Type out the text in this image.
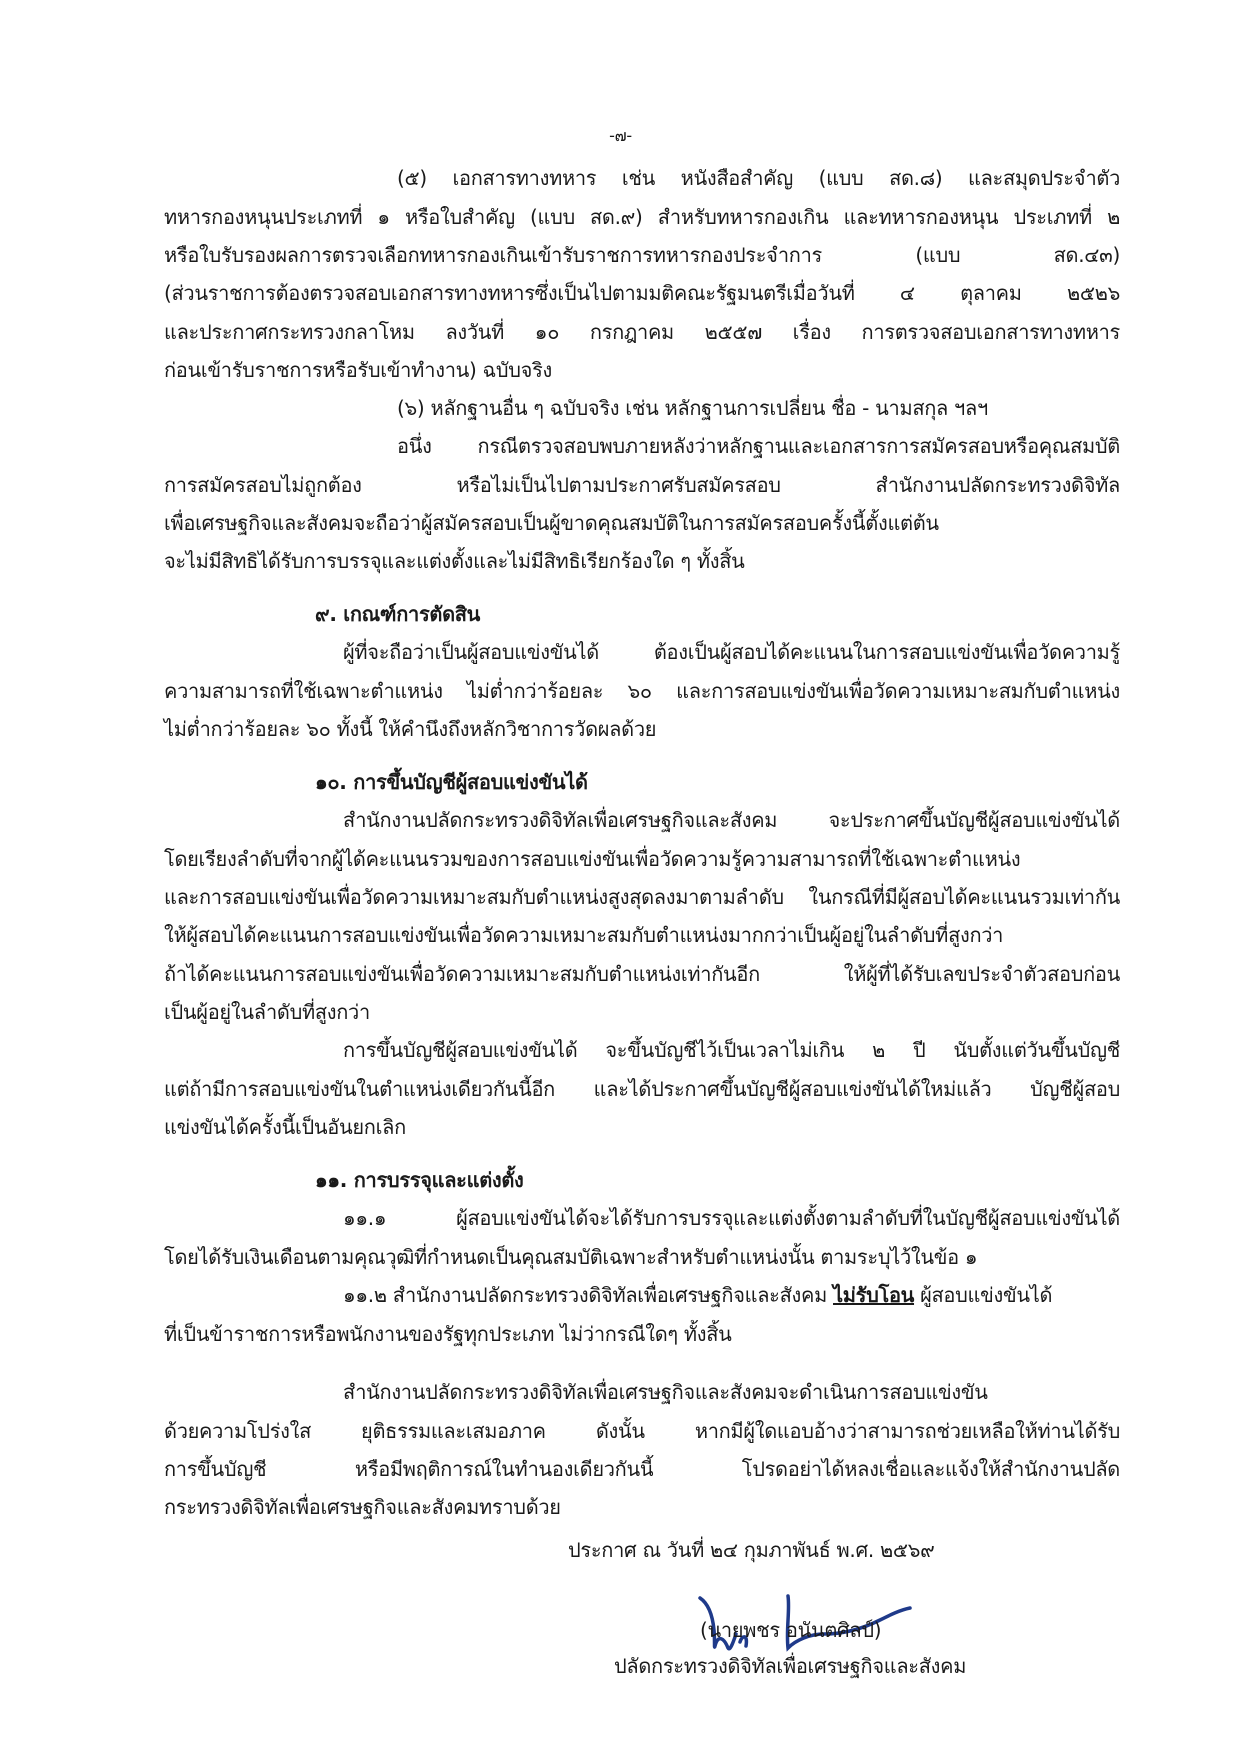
-๗-
(๕) เอกสารทางทหาร เช่น หนังสือสำคัญ (แบบ สด.๘) และสมุดประจำตัว
ทหารกองหนุนประเภทที่ ๑ หรือใบสำคัญ (แบบ สด.๙) สำหรับทหารกองเกิน และทหารกองหนุน ประเภทที่ ๒
หรือใบรับรองผลการตรวจเลือกทหารกองเกินเข้ารับราชการทหารกองประจำการ (แบบ สด.๔๓)
(ส่วนราชการต้องตรวจสอบเอกสารทางทหารซึ่งเป็นไปตามมติคณะรัฐมนตรีเมื่อวันที่ ๔ ตุลาคม ๒๕๒๖
และประกาศกระทรวงกลาโหม ลงวันที่ ๑๐ กรกฎาคม ๒๕๕๗ เรื่อง การตรวจสอบเอกสารทางทหาร
ก่อนเข้ารับราชการหรือรับเข้าทำงาน) ฉบับจริง
(๖) หลักฐานอื่น ๆ ฉบับจริง เช่น หลักฐานการเปลี่ยน ชื่อ - นามสกุล ฯลฯ
อนึ่ง กรณีตรวจสอบพบภายหลังว่าหลักฐานและเอกสารการสมัครสอบหรือคุณสมบัติ
การสมัครสอบไม่ถูกต้อง หรือไม่เป็นไปตามประกาศรับสมัครสอบ สำนักงานปลัดกระทรวงดิจิทัล
เพื่อเศรษฐกิจและสังคมจะถือว่าผู้สมัครสอบเป็นผู้ขาดคุณสมบัติในการสมัครสอบครั้งนี้ตั้งแต่ต้น
จะไม่มีสิทธิได้รับการบรรจุและแต่งตั้งและไม่มีสิทธิเรียกร้องใด ๆ ทั้งสิ้น
๙. เกณฑ์การตัดสิน
ผู้ที่จะถือว่าเป็นผู้สอบแข่งขันได้ ต้องเป็นผู้สอบได้คะแนนในการสอบแข่งขันเพื่อวัดความรู้
ความสามารถที่ใช้เฉพาะตำแหน่ง ไม่ต่ำกว่าร้อยละ ๖๐ และการสอบแข่งขันเพื่อวัดความเหมาะสมกับตำแหน่ง
ไม่ต่ำกว่าร้อยละ ๖๐ ทั้งนี้ ให้คำนึงถึงหลักวิชาการวัดผลด้วย
๑๐. การขึ้นบัญชีผู้สอบแข่งขันได้
สำนักงานปลัดกระทรวงดิจิทัลเพื่อเศรษฐกิจและสังคม จะประกาศขึ้นบัญชีผู้สอบแข่งขันได้
โดยเรียงลำดับที่จากผู้ได้คะแนนรวมของการสอบแข่งขันเพื่อวัดความรู้ความสามารถที่ใช้เฉพาะตำแหน่ง
และการสอบแข่งขันเพื่อวัดความเหมาะสมกับตำแหน่งสูงสุดลงมาตามลำดับ ในกรณีที่มีผู้สอบได้คะแนนรวมเท่ากัน
ให้ผู้สอบได้คะแนนการสอบแข่งขันเพื่อวัดความเหมาะสมกับตำแหน่งมากกว่าเป็นผู้อยู่ในลำดับที่สูงกว่า
ถ้าได้คะแนนการสอบแข่งขันเพื่อวัดความเหมาะสมกับตำแหน่งเท่ากันอีก ให้ผู้ที่ได้รับเลขประจำตัวสอบก่อน
เป็นผู้อยู่ในลำดับที่สูงกว่า
การขึ้นบัญชีผู้สอบแข่งขันได้ จะขึ้นบัญชีไว้เป็นเวลาไม่เกิน ๒ ปี นับตั้งแต่วันขึ้นบัญชี
แต่ถ้ามีการสอบแข่งขันในตำแหน่งเดียวกันนี้อีก และได้ประกาศขึ้นบัญชีผู้สอบแข่งขันได้ใหม่แล้ว บัญชีผู้สอบ
แข่งขันได้ครั้งนี้เป็นอันยกเลิก
๑๑. การบรรจุและแต่งตั้ง
๑๑.๑ ผู้สอบแข่งขันได้จะได้รับการบรรจุและแต่งตั้งตามลำดับที่ในบัญชีผู้สอบแข่งขันได้
โดยได้รับเงินเดือนตามคุณวุฒิที่กำหนดเป็นคุณสมบัติเฉพาะสำหรับตำแหน่งนั้น ตามระบุไว้ในข้อ ๑
๑๑.๒ สำนักงานปลัดกระทรวงดิจิทัลเพื่อเศรษฐกิจและสังคม ไม่รับโอน ผู้สอบแข่งขันได้
ที่เป็นข้าราชการหรือพนักงานของรัฐทุกประเภท ไม่ว่ากรณีใดๆ ทั้งสิ้น
สำนักงานปลัดกระทรวงดิจิทัลเพื่อเศรษฐกิจและสังคมจะดำเนินการสอบแข่งขัน
ด้วยความโปร่งใส ยุติธรรมและเสมอภาค ดังนั้น หากมีผู้ใดแอบอ้างว่าสามารถช่วยเหลือให้ท่านได้รับ
การขึ้นบัญชี หรือมีพฤติการณ์ในทำนองเดียวกันนี้ โปรดอย่าได้หลงเชื่อและแจ้งให้สำนักงานปลัด
กระทรวงดิจิทัลเพื่อเศรษฐกิจและสังคมทราบด้วย
ประกาศ ณ วันที่ ๒๔ กุมภาพันธ์ พ.ศ. ๒๕๖๙
(นายพชร อนันตศิลป์)
ปลัดกระทรวงดิจิทัลเพื่อเศรษฐกิจและสังคม
